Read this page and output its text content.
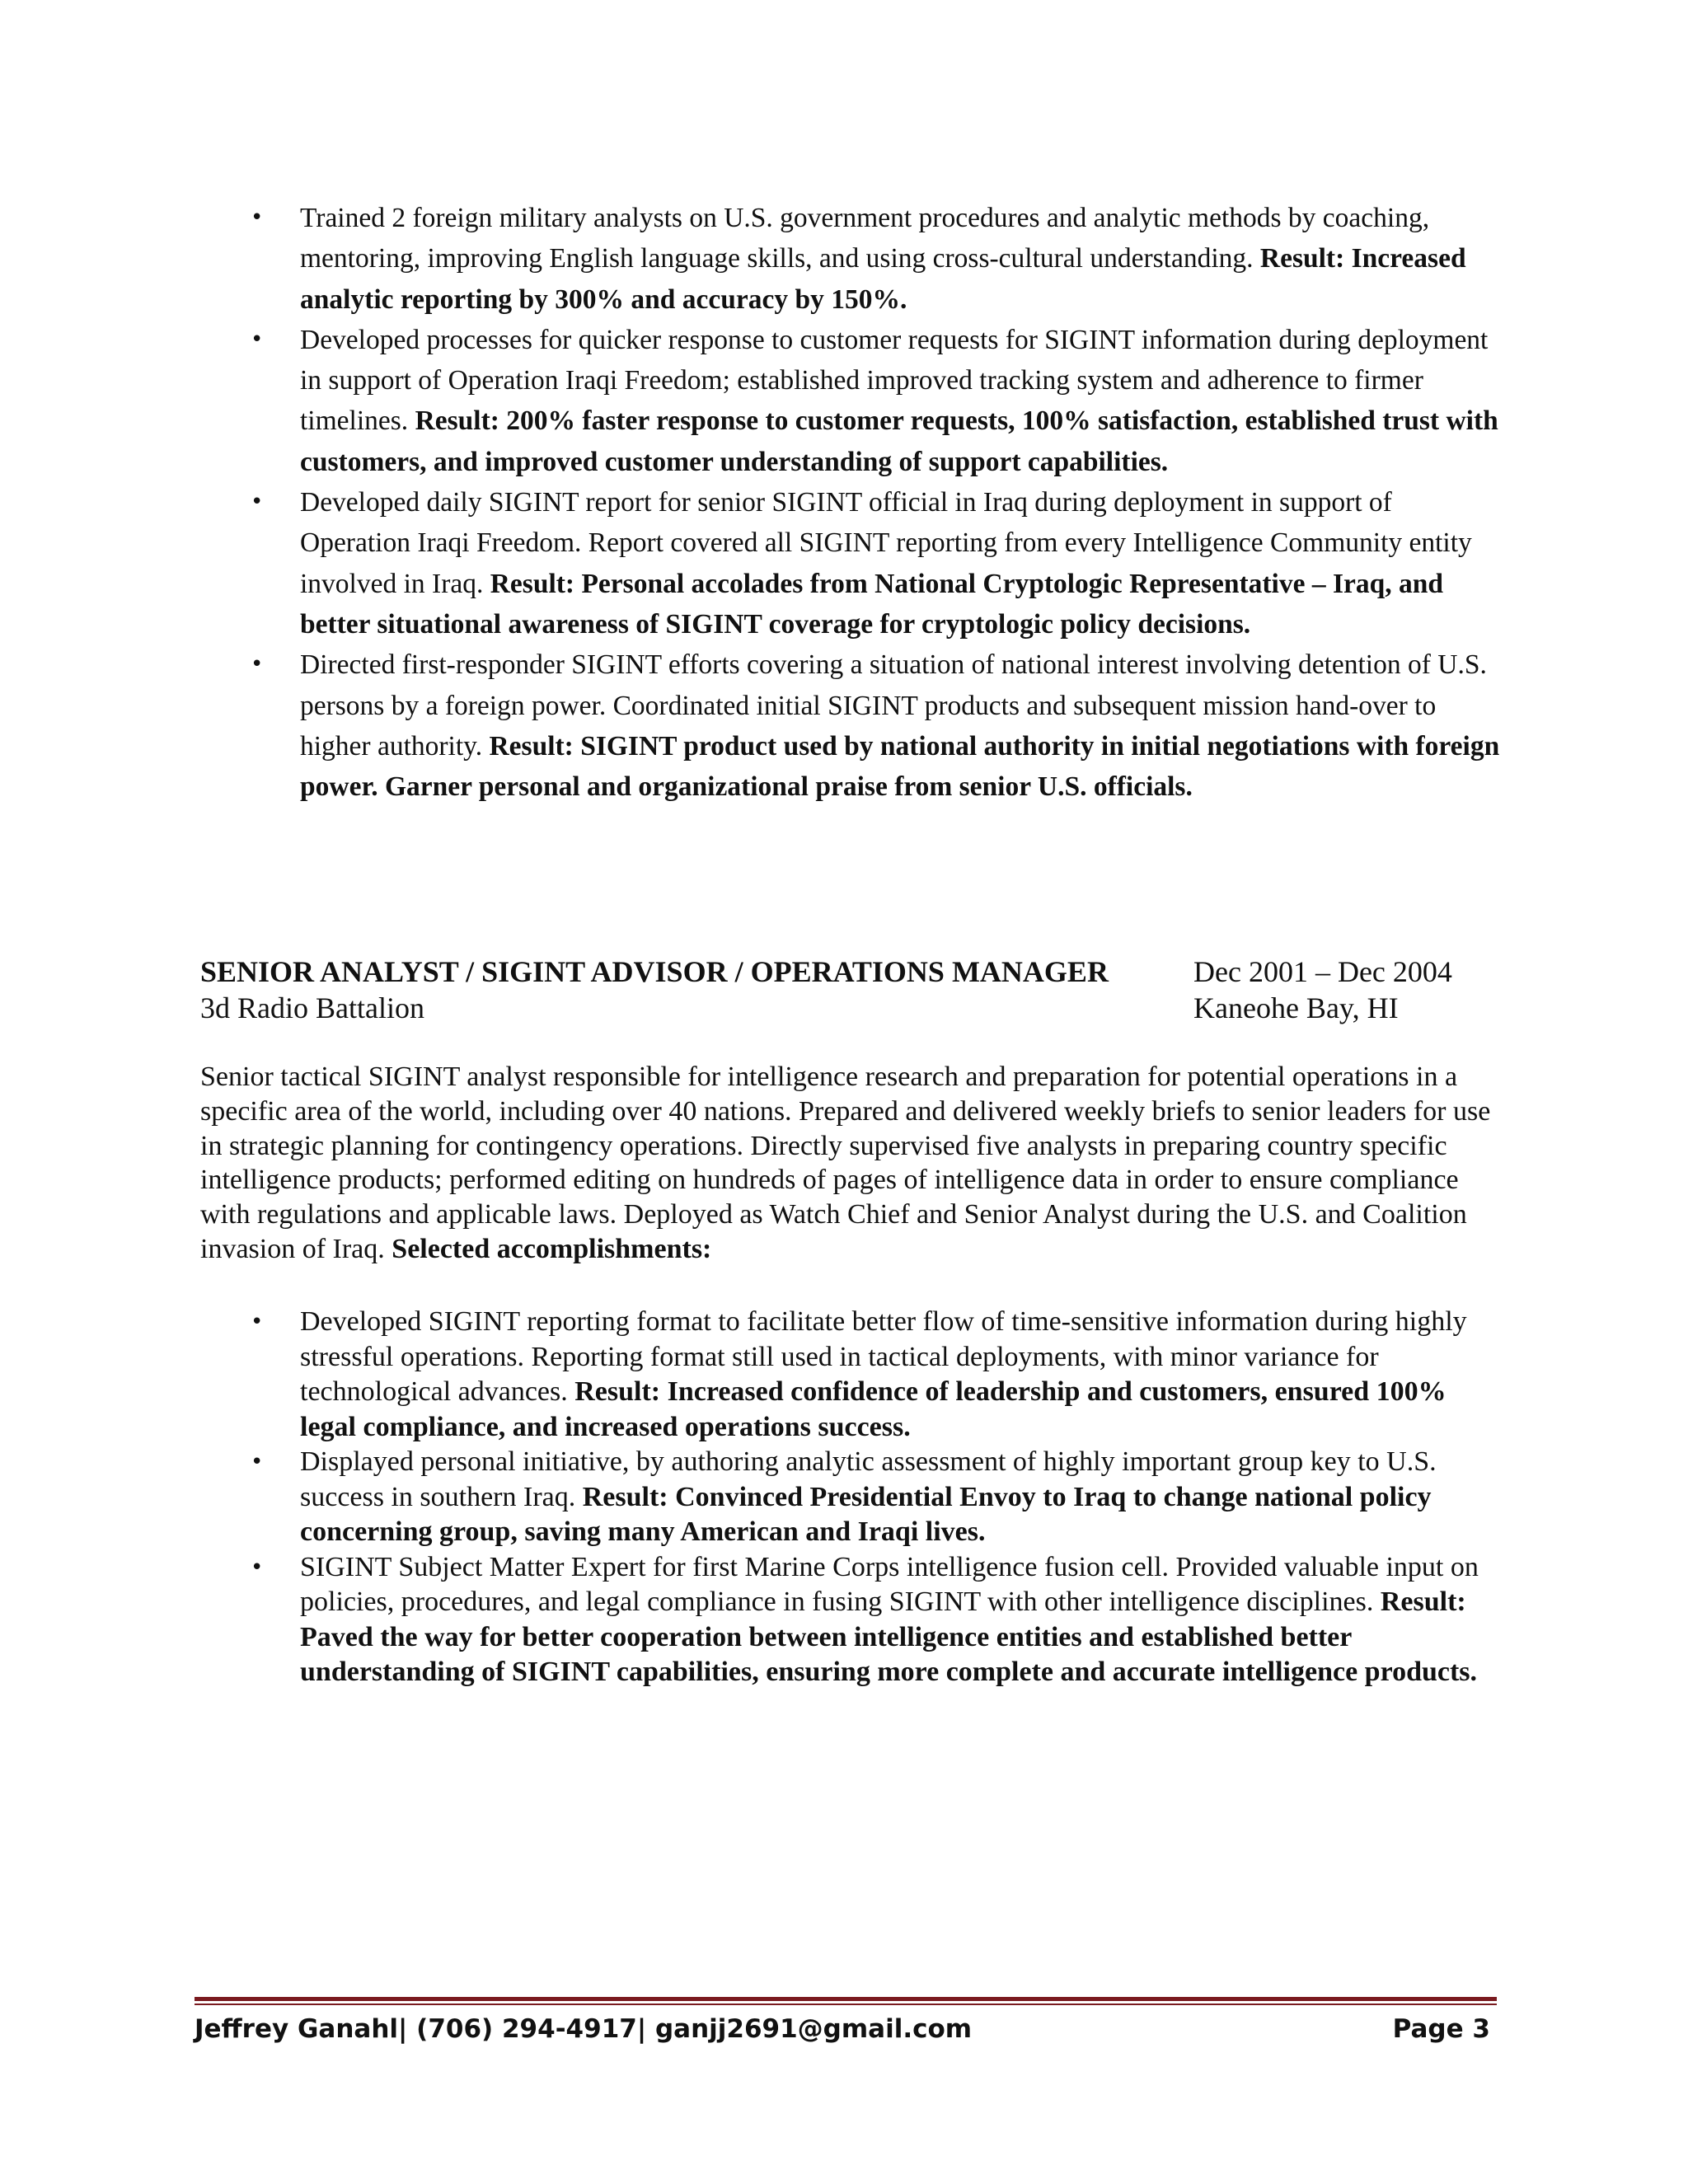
• Trained 2 foreign military analysts on U.S. government procedures and analytic methods by coaching, mentoring, improving English language skills, and using cross-cultural understanding. Result: Increased analytic reporting by 300% and accuracy by 150%.
• Developed processes for quicker response to customer requests for SIGINT information during deployment in support of Operation Iraqi Freedom; established improved tracking system and adherence to firmer timelines. Result: 200% faster response to customer requests, 100% satisfaction, established trust with customers, and improved customer understanding of support capabilities.
• Developed daily SIGINT report for senior SIGINT official in Iraq during deployment in support of Operation Iraqi Freedom. Report covered all SIGINT reporting from every Intelligence Community entity involved in Iraq. Result: Personal accolades from National Cryptologic Representative – Iraq, and better situational awareness of SIGINT coverage for cryptologic policy decisions.
• Directed first-responder SIGINT efforts covering a situation of national interest involving detention of U.S. persons by a foreign power. Coordinated initial SIGINT products and subsequent mission hand-over to higher authority. Result: SIGINT product used by national authority in initial negotiations with foreign power. Garner personal and organizational praise from senior U.S. officials.
SENIOR ANALYST / SIGINT ADVISOR / OPERATIONS MANAGER	Dec 2001 – Dec 2004
3d Radio Battalion	Kaneohe Bay, HI

Senior tactical SIGINT analyst responsible for intelligence research and preparation for potential operations in a specific area of the world, including over 40 nations. Prepared and delivered weekly briefs to senior leaders for use in strategic planning for contingency operations. Directly supervised five analysts in preparing country specific intelligence products; performed editing on hundreds of pages of intelligence data in order to ensure compliance with regulations and applicable laws. Deployed as Watch Chief and Senior Analyst during the U.S. and Coalition invasion of Iraq. Selected accomplishments:

• Developed SIGINT reporting format to facilitate better flow of time-sensitive information during highly stressful operations. Reporting format still used in tactical deployments, with minor variance for technological advances. Result: Increased confidence of leadership and customers, ensured 100% legal compliance, and increased operations success.
• Displayed personal initiative, by authoring analytic assessment of highly important group key to U.S. success in southern Iraq. Result: Convinced Presidential Envoy to Iraq to change national policy concerning group, saving many American and Iraqi lives.
• SIGINT Subject Matter Expert for first Marine Corps intelligence fusion cell. Provided valuable input on policies, procedures, and legal compliance in fusing SIGINT with other intelligence disciplines. Result: Paved the way for better cooperation between intelligence entities and established better understanding of SIGINT capabilities, ensuring more complete and accurate intelligence products.
Jeffrey Ganahl| (706) 294-4917| ganjj2691@gmail.com	Page 3
